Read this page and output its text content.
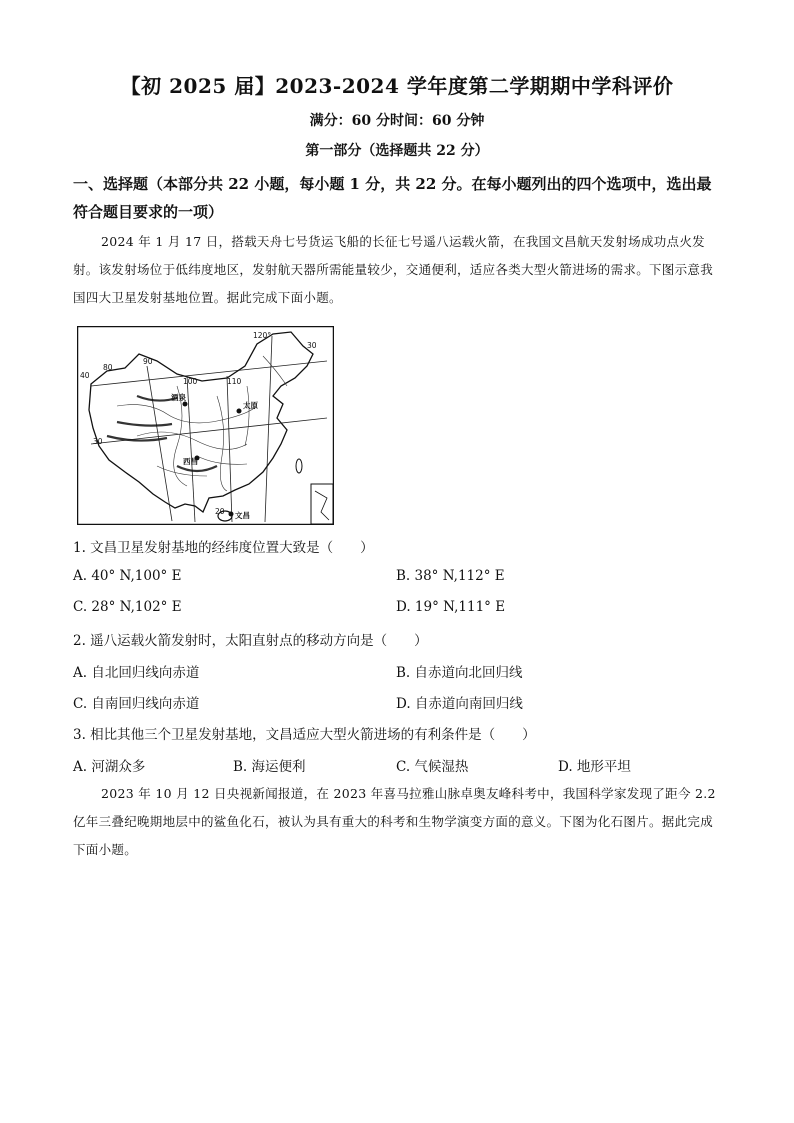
【初 2025 届】2023-2024 学年度第二学期期中学科评价
满分：60 分时间：60 分钟
第一部分（选择题共 22 分）
一、选择题（本部分共 22 小题，每小题 1 分，共 22 分。在每小题列出的四个选项中，选出最符合题目要求的一项）
2024 年 1 月 17 日，搭载天舟七号货运飞船的长征七号遥八运载火箭，在我国文昌航天发射场成功点火发射。该发射场位于低纬度地区，发射航天器所需能量较少，交通便利，适应各类大型火箭进场的需求。下图示意我国四大卫星发射基地位置。据此完成下面小题。
120°
110
100
90
80
40
30
30
20
酒泉
太原
西昌
文昌
1. 文昌卫星发射基地的经纬度位置大致是（　　）
A. 40° N,100° E	B. 38° N,112° E
C. 28° N,102° E	D. 19° N,111° E
2. 遥八运载火箭发射时，太阳直射点的移动方向是（　　）
A. 自北回归线向赤道	B. 自赤道向北回归线
C. 自南回归线向赤道	D. 自赤道向南回归线
3. 相比其他三个卫星发射基地，文昌适应大型火箭进场的有利条件是（　　）
A. 河湖众多	B. 海运便利	C. 气候湿热	D. 地形平坦
2023 年 10 月 12 日央视新闻报道，在 2023 年喜马拉雅山脉卓奥友峰科考中，我国科学家发现了距今 2.2 亿年三叠纪晚期地层中的鲨鱼化石，被认为具有重大的科考和生物学演变方面的意义。下图为化石图片。据此完成下面小题。
